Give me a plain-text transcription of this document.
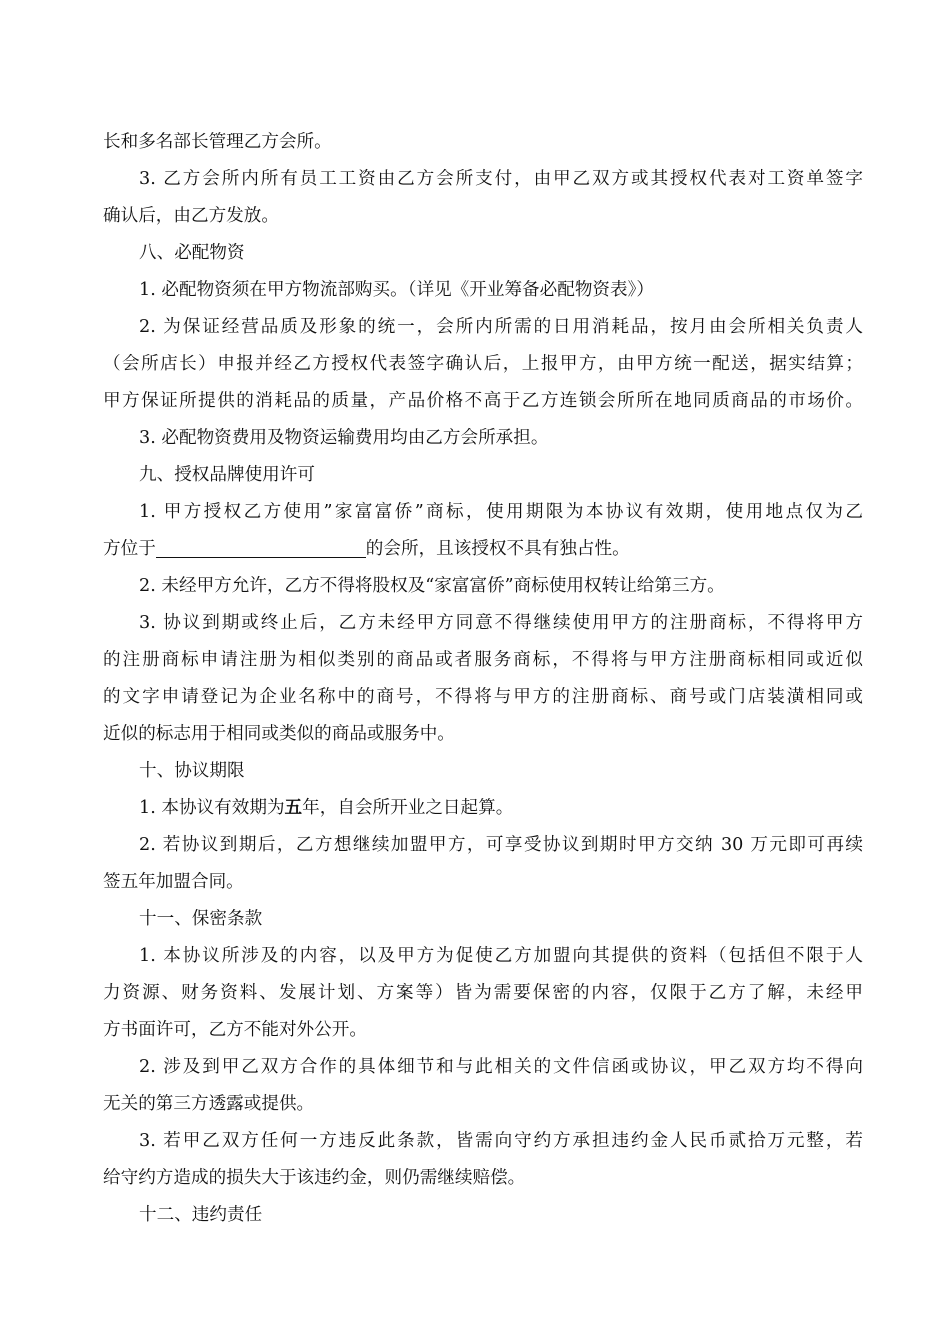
长和多名部长管理乙方会所。
3. 乙方会所内所有员工工资由乙方会所支付，由甲乙双方或其授权代表对工资单签字
确认后，由乙方发放。
八、必配物资
1. 必配物资须在甲方物流部购买。（详见《开业筹备必配物资表》）
2. 为保证经营品质及形象的统一，会所内所需的日用消耗品，按月由会所相关负责人
（会所店长）申报并经乙方授权代表签字确认后，上报甲方，由甲方统一配送，据实结算；
甲方保证所提供的消耗品的质量，产品价格不高于乙方连锁会所所在地同质商品的市场价。
3. 必配物资费用及物资运输费用均由乙方会所承担。
九、授权品牌使用许可
1. 甲方授权乙方使用”家富富侨”商标，使用期限为本协议有效期，使用地点仅为乙
方位于	的会所，且该授权不具有独占性。
2. 未经甲方允许，乙方不得将股权及“家富富侨”商标使用权转让给第三方。
3. 协议到期或终止后，乙方未经甲方同意不得继续使用甲方的注册商标，不得将甲方
的注册商标申请注册为相似类别的商品或者服务商标，不得将与甲方注册商标相同或近似
的文字申请登记为企业名称中的商号，不得将与甲方的注册商标、商号或门店装潢相同或
近似的标志用于相同或类似的商品或服务中。
十、协议期限
1. 本协议有效期为五年，自会所开业之日起算。
2. 若协议到期后，乙方想继续加盟甲方，可享受协议到期时甲方交纳 30 万元即可再续
签五年加盟合同。
十一、保密条款
1. 本协议所涉及的内容，以及甲方为促使乙方加盟向其提供的资料（包括但不限于人
力资源、财务资料、发展计划、方案等）皆为需要保密的内容，仅限于乙方了解，未经甲
方书面许可，乙方不能对外公开。
2. 涉及到甲乙双方合作的具体细节和与此相关的文件信函或协议，甲乙双方均不得向
无关的第三方透露或提供。
3. 若甲乙双方任何一方违反此条款，皆需向守约方承担违约金人民币贰拾万元整，若
给守约方造成的损失大于该违约金，则仍需继续赔偿。
十二、违约责任
